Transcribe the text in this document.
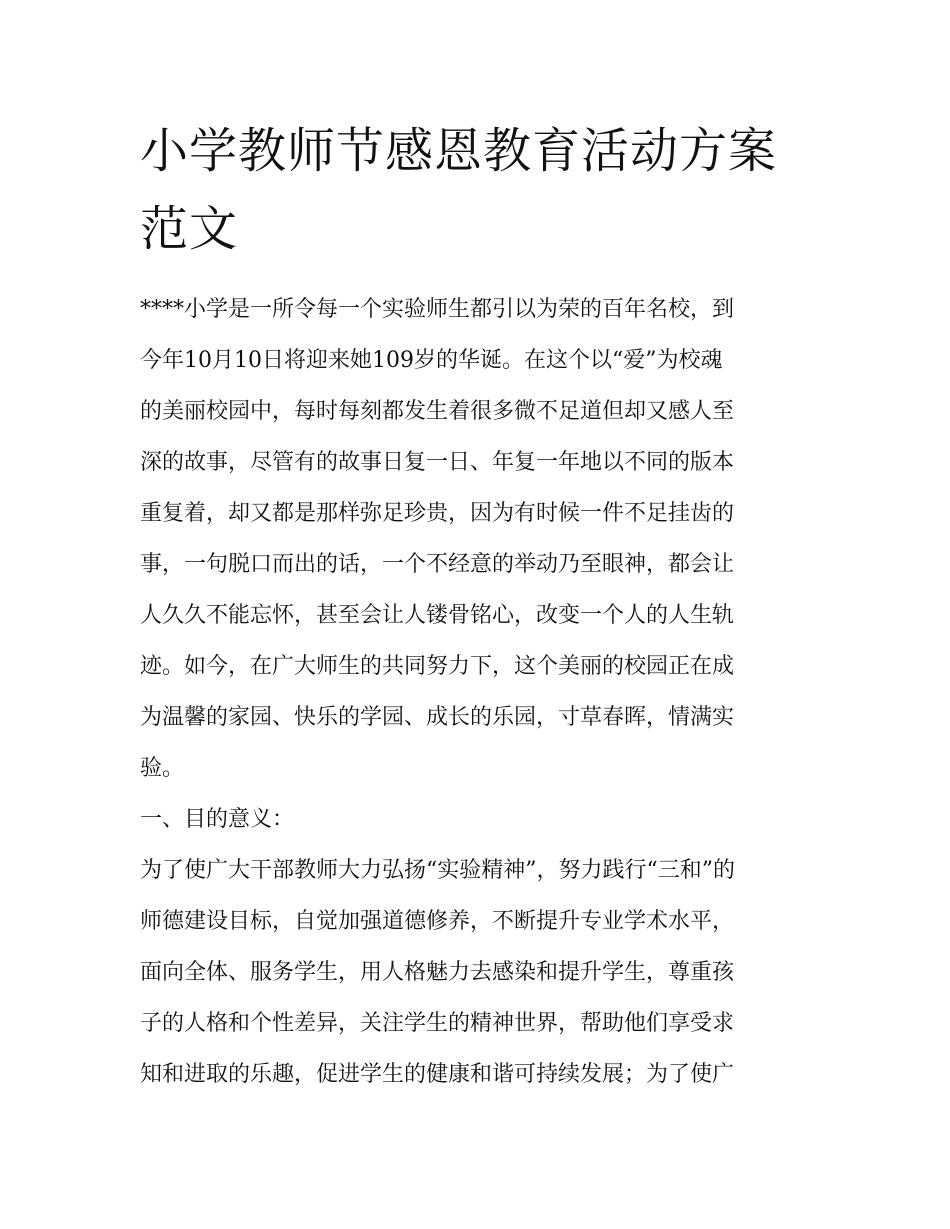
小学教师节感恩教育活动方案
范文

****小学是一所令每一个实验师生都引以为荣的百年名校，到

今年10月10日将迎来她109岁的华诞。在这个以“爱”为校魂

的美丽校园中，每时每刻都发生着很多微不足道但却又感人至

深的故事，尽管有的故事日复一日、年复一年地以不同的版本

重复着，却又都是那样弥足珍贵，因为有时候一件不足挂齿的

事，一句脱口而出的话，一个不经意的举动乃至眼神，都会让

人久久不能忘怀，甚至会让人镂骨铭心，改变一个人的人生轨

迹。如今，在广大师生的共同努力下，这个美丽的校园正在成

为温馨的家园、快乐的学园、成长的乐园，寸草春晖，情满实

验。

一、目的意义：

为了使广大干部教师大力弘扬“实验精神”，努力践行“三和”的

师德建设目标，自觉加强道德修养，不断提升专业学术水平，

面向全体、服务学生，用人格魅力去感染和提升学生，尊重孩

子的人格和个性差异，关注学生的精神世界，帮助他们享受求

知和进取的乐趣，促进学生的健康和谐可持续发展；为了使广
